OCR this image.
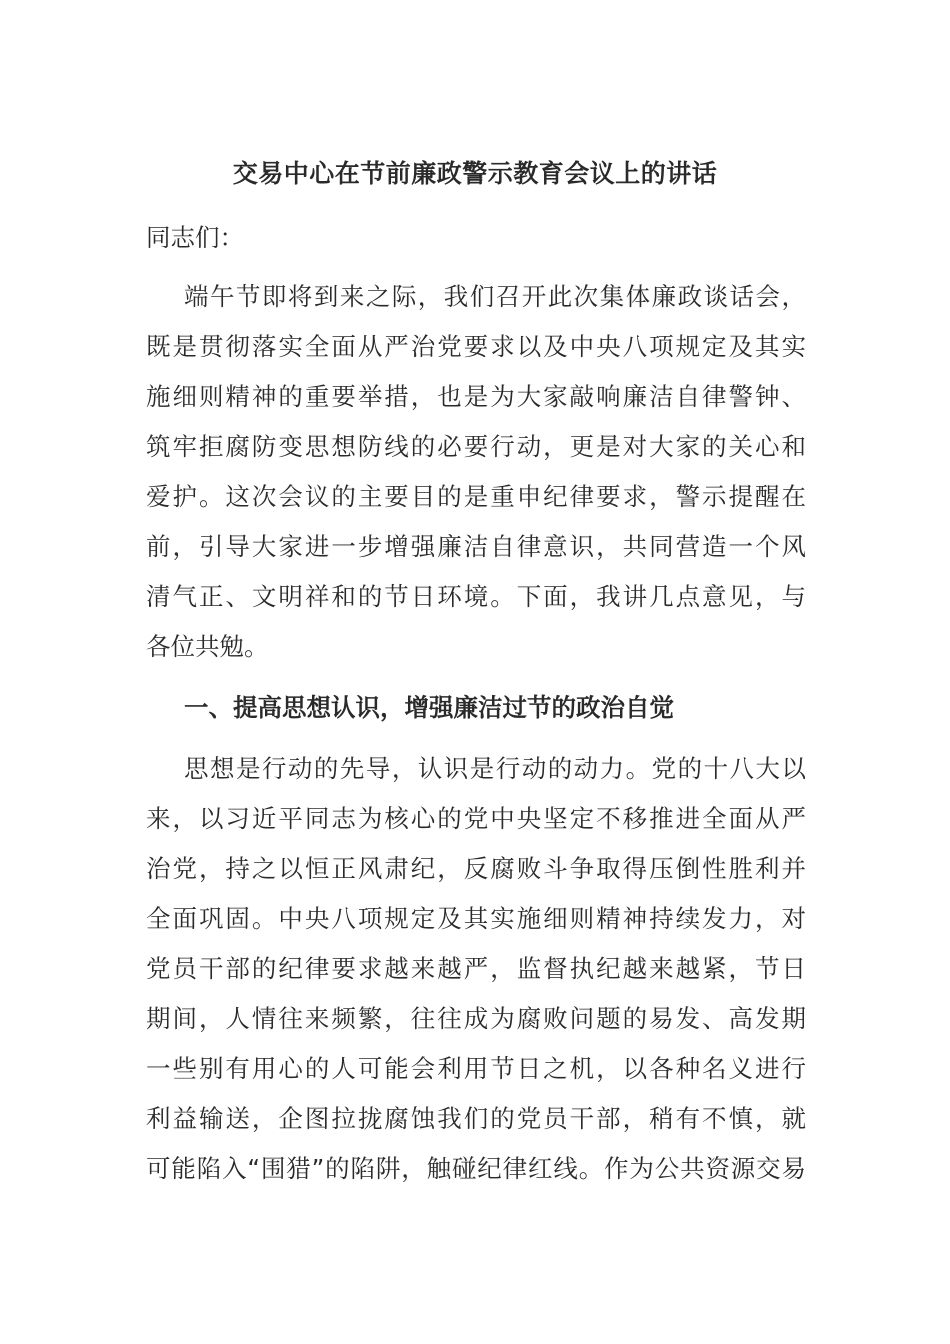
交易中心在节前廉政警示教育会议上的讲话
同志们：
端午节即将到来之际，我们召开此次集体廉政谈话会，
既是贯彻落实全面从严治党要求以及中央八项规定及其实
施细则精神的重要举措，也是为大家敲响廉洁自律警钟、
筑牢拒腐防变思想防线的必要行动，更是对大家的关心和
爱护。这次会议的主要目的是重申纪律要求，警示提醒在
前，引导大家进一步增强廉洁自律意识，共同营造一个风
清气正、文明祥和的节日环境。下面，我讲几点意见，与
各位共勉。
一、提高思想认识，增强廉洁过节的政治自觉
思想是行动的先导，认识是行动的动力。党的十八大以
来，以习近平同志为核心的党中央坚定不移推进全面从严
治党，持之以恒正风肃纪，反腐败斗争取得压倒性胜利并
全面巩固。中央八项规定及其实施细则精神持续发力，对
党员干部的纪律要求越来越严，监督执纪越来越紧，节日
期间，人情往来频繁，往往成为腐败问题的易发、高发期
一些别有用心的人可能会利用节日之机，以各种名义进行
利益输送，企图拉拢腐蚀我们的党员干部，稍有不慎，就
可能陷入“围猎”的陷阱，触碰纪律红线。作为公共资源交易
